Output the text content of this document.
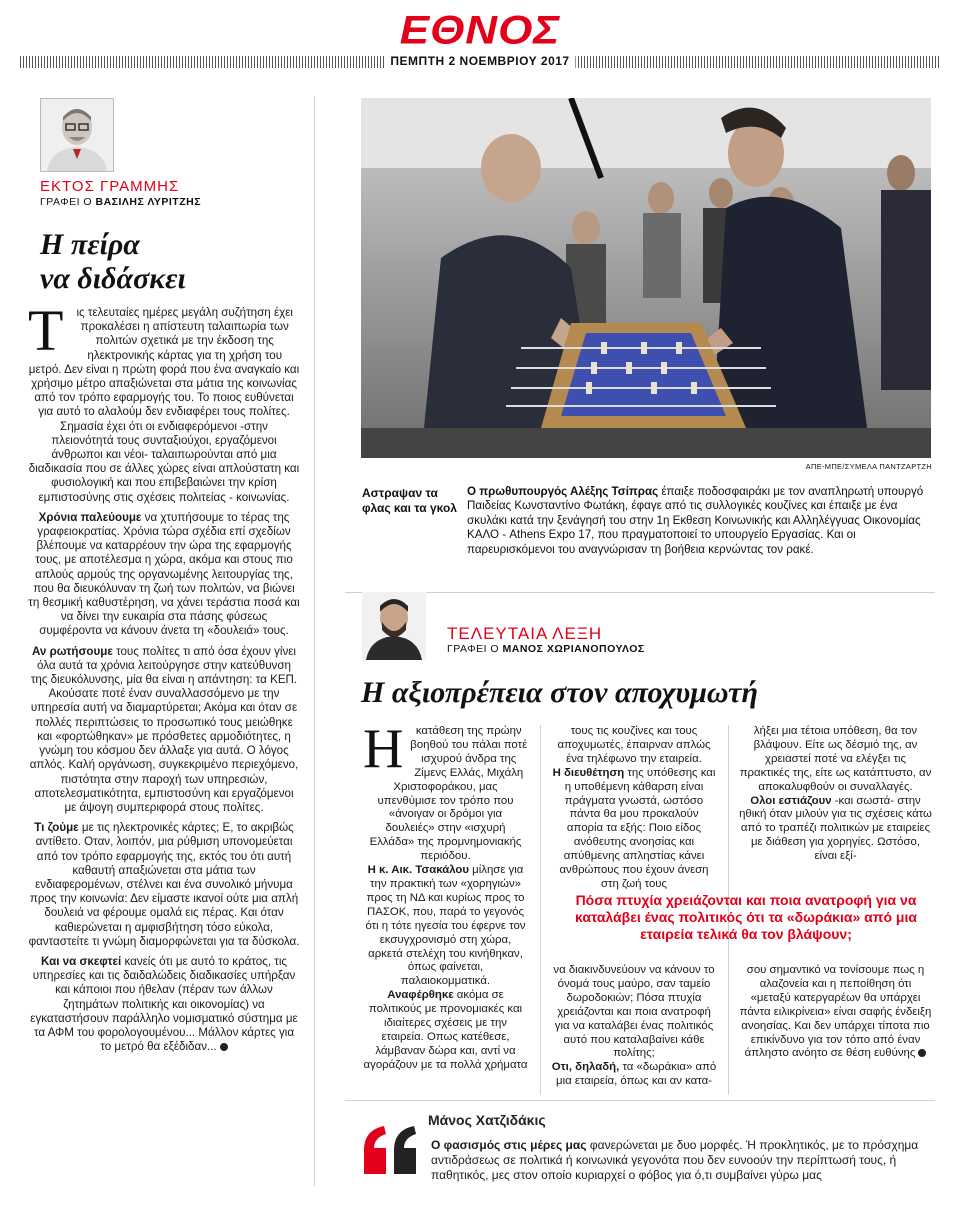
ΕΘΝΟΣ
ΠΕΜΠΤΗ 2 ΝΟΕΜΒΡΙΟΥ 2017
ΕΚΤΟΣ ΓΡΑΜΜΗΣ
ΓΡΑΦΕΙ Ο ΒΑΣΙΛΗΣ ΛΥΡΙΤΖΗΣ
Η πείρα
να διδάσκει

Τ ις τελευταίες ημέρες μεγάλη συζήτηση έχει προκαλέσει η απίστευτη ταλαιπωρία των πολιτών σχετικά με την έκδοση της ηλεκτρονικής κάρτας για τη χρήση του μετρό. Δεν είναι η πρώτη φορά που ένα αναγκαίο και χρήσιμο μέτρο απαξιώνεται στα μάτια της κοινωνίας από τον τρόπο εφαρμογής του. Το ποιος ευθύνεται για αυτό το αλαλούμ δεν ενδιαφέρει τους πολίτες. Σημασία έχει ότι οι ενδιαφερόμενοι -στην πλειονότητά τους συνταξιούχοι, εργαζόμενοι άνθρωποι και νέοι- ταλαιπωρούνται από μια διαδικασία που σε άλλες χώρες είναι απλούστατη και φυσιολογική και που επιβεβαιώνει την κρίση εμπιστοσύνης στις σχέσεις πολιτείας - κοινωνίας.

Χρόνια παλεύουμε να χτυπήσουμε το τέρας της γραφειοκρατίας. Χρόνια τώρα σχέδια επί σχεδίων βλέπουμε να καταρρέουν την ώρα της εφαρμογής τους, με αποτέλεσμα η χώρα, ακόμα και στους πιο απλούς αρμούς της οργανωμένης λειτουργίας της, που θα διευκόλυναν τη ζωή των πολιτών, να βιώνει τη θεσμική καθυστέρηση, να χάνει τεράστια ποσά και να δίνει την ευκαιρία στα πάσης φύσεως συμφέροντα να κάνουν άνετα τη «δουλειά» τους.

Αν ρωτήσουμε τους πολίτες τι από όσα έχουν γίνει όλα αυτά τα χρόνια λειτούργησε στην κατεύθυνση της διευκόλυνσης, μία θα είναι η απάντηση: τα ΚΕΠ. Ακούσατε ποτέ έναν συναλλασσόμενο με την υπηρεσία αυτή να διαμαρτύρεται; Ακόμα και όταν σε πολλές περιπτώσεις το προσωπικό τους μειώθηκε και «φορτώθηκαν» με πρόσθετες αρμοδιότητες, η γνώμη του κόσμου δεν άλλαξε για αυτά. Ο λόγος απλός. Καλή οργάνωση, συγκεκριμένο περιεχόμενο, πιστότητα στην παροχή των υπηρεσιών, αποτελεσματικότητα, εμπιστοσύνη και εργαζόμενοι με άψογη συμπεριφορά στους πολίτες.

Τι ζούμε με τις ηλεκτρονικές κάρτες; Ε, το ακριβώς αντίθετο. Οταν, λοιπόν, μια ρύθμιση υπονομεύεται από τον τρόπο εφαρμογής της, εκτός του ότι αυτή καθαυτή απαξιώνεται στα μάτια των ενδιαφερομένων, στέλνει και ένα συνολικό μήνυμα προς την κοινωνία: Δεν είμαστε ικανοί ούτε μια απλή δουλειά να φέρουμε ομαλά εις πέρας. Και όταν καθιερώνεται η αμφισβήτηση τόσο εύκολα, φανταστείτε τι γνώμη διαμορφώνεται για τα δύσκολα.

Και να σκεφτεί κανείς ότι με αυτό το κράτος, τις υπηρεσίες και τις δαιδαλώδεις διαδικασίες υπήρξαν και κάποιοι που ήθελαν (πέραν των άλλων ζητημάτων πολιτικής και οικονομίας) να εγκαταστήσουν παράλληλο νομισματικό σύστημα με τα ΑΦΜ του φορολογουμένου... Μάλλον κάρτες για το μετρό θα εξέδιδαν...

ΑΠΕ-ΜΠΕ/ΣΥΜΕΛΑ ΠΑΝΤΖΑΡΤΖΗ
Αστραψαν τα φλας και τα γκολ
Ο πρωθυπουργός Αλέξης Τσίπρας έπαιξε ποδοσφαιράκι με τον αναπληρωτή υπουργό Παιδείας Κωνσταντίνο Φωτάκη, έφαγε από τις συλλογικές κουζίνες και έπαιξε με ένα σκυλάκι κατά την ξενάγησή του στην 1η Εκθεση Κοινωνικής και Αλληλέγγυας Οικονομίας ΚΑΛΟ - Athens Expo 17, που πραγματοποιεί το υπουργείο Εργασίας. Και οι παρευρισκόμενοι του αναγνώρισαν τη βοήθεια κερνώντας τον ρακέ.
ΤΕΛΕΥΤΑΙΑ ΛΕΞΗ
ΓΡΑΦΕΙ Ο ΜΑΝΟΣ ΧΩΡΙΑΝΟΠΟΥΛΟΣ
Η αξιοπρέπεια στον αποχυμωτή

Η κατάθεση της πρώην βοηθού του πάλαι ποτέ ισχυρού άνδρα της Ζίμενς Ελλάς, Μιχάλη Χριστοφοράκου, μας υπενθύμισε τον τρόπο που «άνοιγαν οι δρόμοι για δουλειές» στην «ισχυρή Ελλάδα» της προμνημονιακής περιόδου.

Η κ. Αικ. Τσακάλου μίλησε για την πρακτική των «χορηγιών» προς τη ΝΔ και κυρίως προς το ΠΑΣΟΚ, που, παρά το γεγονός ότι η τότε ηγεσία του έφερνε τον εκσυγχρονισμό στη χώρα, αρκετά στελέχη του κινήθηκαν, όπως φαίνεται, παλαιοκομματικά.

Αναφέρθηκε ακόμα σε πολιτικούς με προνομιακές και ιδιαίτερες σχέσεις με την εταιρεία. Οπως κατέθεσε, λάμβαναν δώρα και, αντί να αγοράζουν με τα πολλά χρήματα

τους τις κουζίνες και τους αποχυμωτές, έπαιρναν απλώς ένα τηλέφωνο την εταιρεία.

Η διευθέτηση της υπόθεσης και η υποθέμενη κάθαρση είναι πράγματα γνωστά, ωστόσο πάντα θα μου προκαλούν απορία τα εξής: Ποιο είδος ανόθευτης ανοησίας και απύθμενης απληστίας κάνει ανθρώπους που έχουν άνεση στη ζωή τους

λήξει μια τέτοια υπόθεση, θα τον βλάψουν. Είτε ως δέσμιό της, αν χρειαστεί ποτέ να ελέγξει τις πρακτικές της, είτε ως κατάπτυστο, αν αποκαλυφθούν οι συναλλαγές.

Ολοι εστιάζουν -και σωστά- στην ηθική όταν μιλούν για τις σχέσεις κάτω από το τραπέζι πολιτικών με εταιρείες με διάθεση για χορηγίες. Ωστόσο, είναι εξί-

Πόσα πτυχία χρειάζονται και ποια ανατροφή για να καταλάβει ένας πολιτικός ότι τα «δωράκια» από μια εταιρεία τελικά θα τον βλάψουν;

να διακινδυνεύουν να κάνουν το όνομά τους μαύρο, σαν ταμείο δωροδοκιών; Πόσα πτυχία χρειάζονται και ποια ανατροφή για να καταλάβει ένας πολιτικός αυτό που καταλαβαίνει κάθε πολίτης;

Οτι, δηλαδή, τα «δωράκια» από μια εταιρεία, όπως και αν κατα-

σου σημαντικό να τονίσουμε πως η αλαζονεία και η πεποίθηση ότι «μεταξύ κατεργαρέων θα υπάρχει πάντα ειλικρίνεια» είναι σαφής ένδειξη ανοησίας. Και δεν υπάρχει τίποτα πιο επικίνδυνο για τον τόπο από έναν άπληστο ανόητο σε θέση ευθύνης

Μάνος Χατζιδάκις
Ο φασισμός στις μέρες μας φανερώνεται με δυο μορφές. Ή προκλητικός, με το πρόσχημα αντιδράσεως σε πολιτικά ή κοινωνικά γεγονότα που δεν ευνοούν την περίπτωσή τους, ή παθητικός, μες στον οποίο κυριαρχεί ο φόβος για ό,τι συμβαίνει γύρω μας
